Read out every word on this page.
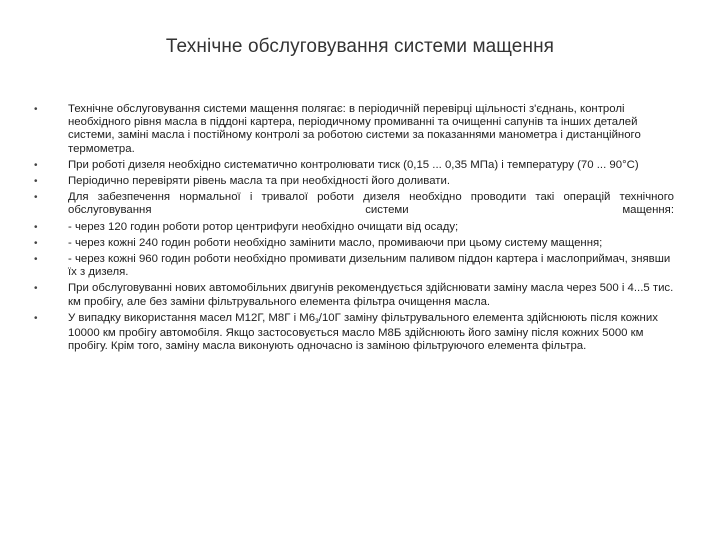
Технічне обслуговування системи мащення
•	Технічне обслуговування системи мащення полягає: в періодичній перевірці щільності з'єднань, контролі необхідного рівня масла в піддоні картера, періодичному промиванні та очищенні сапунів та інших деталей системи, заміні масла і постійному контролі за роботою системи за показаннями манометра і дистанційного термометра.
•	При роботі дизеля необхідно систематично контролювати тиск (0,15 ... 0,35 МПа) і температуру (70 ... 90°С)
•	Періодично перевіряти рівень масла та при необхідності його доливати.
•	Для забезпечення нормальної і тривалої роботи дизеля необхідно проводити такі операцій технічного обслуговування системи мащення:
•	- через 120 годин роботи ротор центрифуги необхідно очищати від осаду;
•	- через кожні 240 годин роботи необхідно замінити масло, промиваючи при цьому систему мащення;
•	- через кожні 960 годин роботи необхідно промивати дизельним паливом піддон картера і маслоприймач, знявши їх з дизеля.
•	При обслуговуванні нових автомобільних двигунів рекомендується здійснювати заміну масла через 500 і 4...5 тис. км пробігу, але без заміни фільтрувального елемента фільтра очищення масла.
•	У випадку використання масел М12Г, М8Г і $М6_з/10Г$ заміну фільтрувального елемента здійснюють після кожних 10000 км пробігу автомобіля. Якщо застосовується масло М8Б здійснюють його заміну після кожних 5000 км пробігу. Крім того, заміну масла виконують одночасно із заміною фільтруючого елемента фільтра.
